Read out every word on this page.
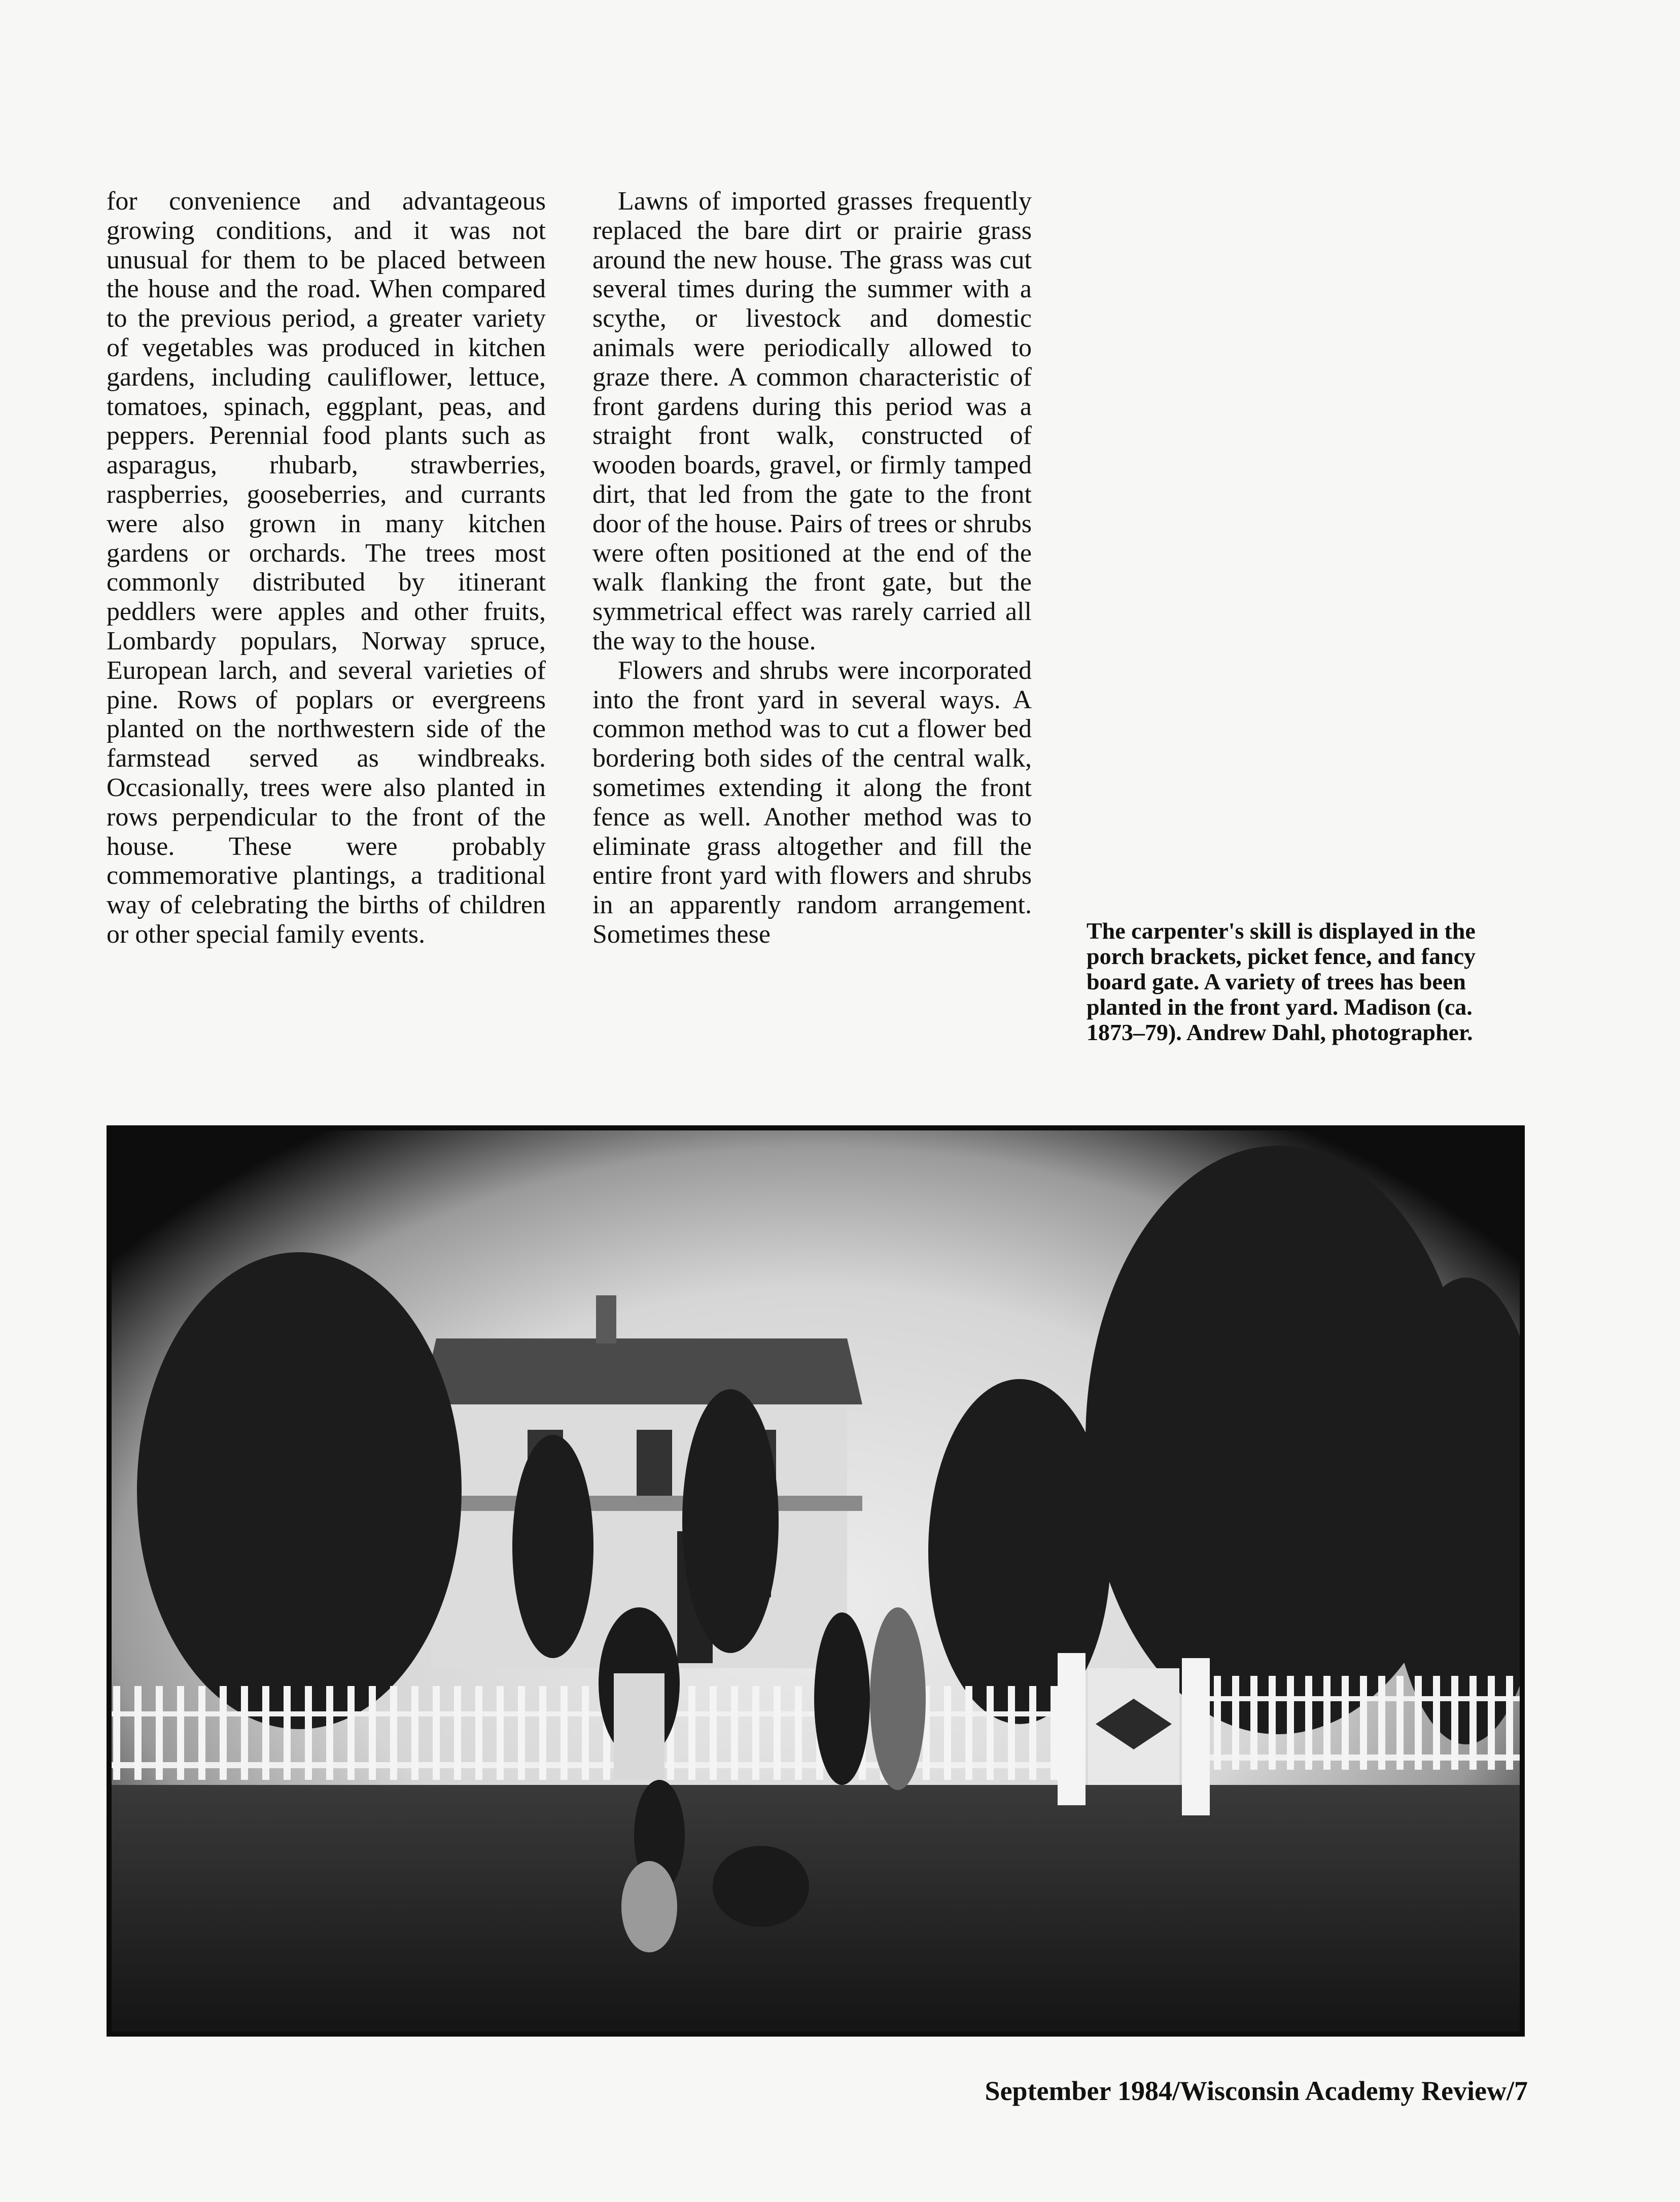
for convenience and advantageous growing conditions, and it was not unusual for them to be placed between the house and the road. When compared to the previous period, a greater variety of vegetables was produced in kitchen gardens, including cauliflower, lettuce, tomatoes, spinach, eggplant, peas, and peppers. Perennial food plants such as asparagus, rhubarb, strawberries, raspberries, gooseberries, and currants were also grown in many kitchen gardens or orchards. The trees most commonly distributed by itinerant peddlers were apples and other fruits, Lombardy populars, Norway spruce, European larch, and several varieties of pine. Rows of poplars or evergreens planted on the northwestern side of the farmstead served as windbreaks. Occasionally, trees were also planted in rows perpendicular to the front of the house. These were probably commemorative plantings, a traditional way of celebrating the births of children or other special family events.

Lawns of imported grasses frequently replaced the bare dirt or prairie grass around the new house. The grass was cut several times during the summer with a scythe, or livestock and domestic animals were periodically allowed to graze there. A common characteristic of front gardens during this period was a straight front walk, constructed of wooden boards, gravel, or firmly tamped dirt, that led from the gate to the front door of the house. Pairs of trees or shrubs were often positioned at the end of the walk flanking the front gate, but the symmetrical effect was rarely carried all the way to the house.

Flowers and shrubs were incorporated into the front yard in several ways. A common method was to cut a flower bed bordering both sides of the central walk, sometimes extending it along the front fence as well. Another method was to eliminate grass altogether and fill the entire front yard with flowers and shrubs in an apparently random arrangement. Sometimes these	The carpenter's skill is displayed in the porch brackets, picket fence, and fancy board gate. A variety of trees has been planted in the front yard. Madison (ca. 1873–79). Andrew Dahl, photographer.
September 1984/Wisconsin Academy Review/7
